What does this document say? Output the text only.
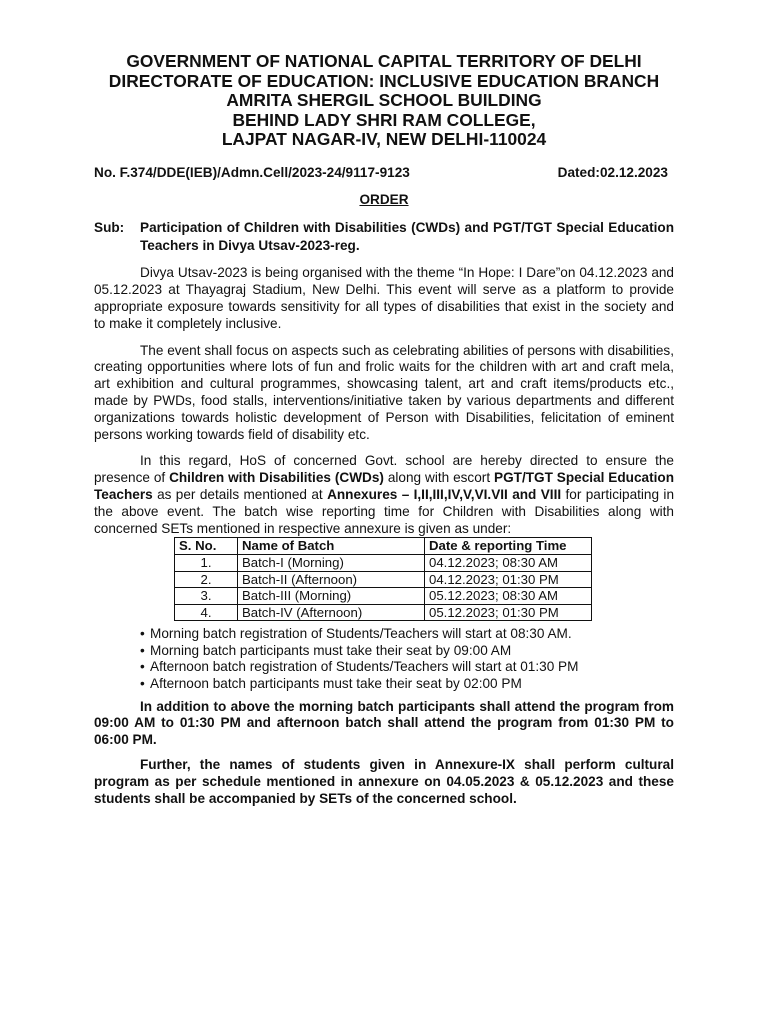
GOVERNMENT OF NATIONAL CAPITAL TERRITORY OF DELHI
DIRECTORATE OF EDUCATION: INCLUSIVE EDUCATION BRANCH
AMRITA SHERGIL SCHOOL BUILDING
BEHIND LADY SHRI RAM COLLEGE,
LAJPAT NAGAR-IV, NEW DELHI-110024
No. F.374/DDE(IEB)/Admn.Cell/2023-24/9117-9123	Dated:02.12.2023
ORDER
Sub:	Participation of Children with Disabilities (CWDs) and PGT/TGT Special Education Teachers in Divya Utsav-2023-reg.

Divya Utsav-2023 is being organised with the theme “In Hope: I Dare”on 04.12.2023 and 05.12.2023 at Thayagraj Stadium, New Delhi. This event will serve as a platform to provide appropriate exposure towards sensitivity for all types of disabilities that exist in the society and to make it completely inclusive.

The event shall focus on aspects such as celebrating abilities of persons with disabilities, creating opportunities where lots of fun and frolic waits for the children with art and craft mela, art exhibition and cultural programmes, showcasing talent, art and craft items/products etc., made by PWDs, food stalls, interventions/initiative taken by various departments and different organizations towards holistic development of Person with Disabilities, felicitation of eminent persons working towards field of disability etc.

In this regard, HoS of concerned Govt. school are hereby directed to ensure the presence of Children with Disabilities (CWDs) along with escort PGT/TGT Special Education Teachers as per details mentioned at Annexures – I,II,III,IV,V,VI.VII and VIII for participating in the above event. The batch wise reporting time for Children with Disabilities along with concerned SETs mentioned in respective annexure is given as under:

S. No.	Name of Batch	Date & reporting Time
1.	Batch-I (Morning)	04.12.2023; 08:30 AM
2.	Batch-II (Afternoon)	04.12.2023; 01:30 PM
3.	Batch-III (Morning)	05.12.2023; 08:30 AM
4.	Batch-IV (Afternoon)	05.12.2023; 01:30 PM
• Morning batch registration of Students/Teachers will start at 08:30 AM.
• Morning batch participants must take their seat by 09:00 AM
• Afternoon batch registration of Students/Teachers will start at 01:30 PM
• Afternoon batch participants must take their seat by 02:00 PM

In addition to above the morning batch participants shall attend the program from 09:00 AM to 01:30 PM and afternoon batch shall attend the program from 01:30 PM to 06:00 PM.

Further, the names of students given in Annexure-IX shall perform cultural program as per schedule mentioned in annexure on 04.05.2023 & 05.12.2023 and these students shall be accompanied by SETs of the concerned school.
